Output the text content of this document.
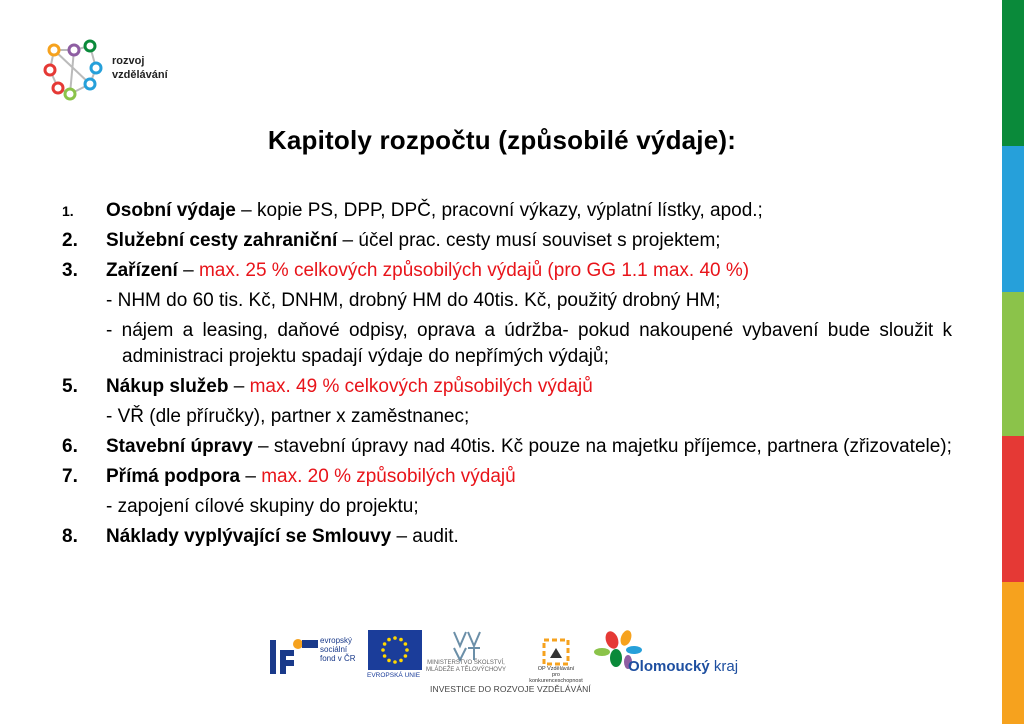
rozvoj
vzdělávání
Kapitoly rozpočtu (způsobilé výdaje):
1.	Osobní výdaje – kopie PS, DPP, DPČ, pracovní výkazy, výplatní lístky, apod.;
2.	Služební cesty zahraniční – účel prac. cesty musí souviset s projektem;
3.	Zařízení – max. 25 % celkových způsobilých výdajů (pro GG 1.1 max. 40 %)
- NHM do 60 tis. Kč, DNHM, drobný HM do 40tis. Kč, použitý drobný HM;
- nájem a leasing, daňové odpisy, oprava a údržba- pokud nakoupené vybavení bude sloužit k administraci projektu spadají výdaje do nepřímých výdajů;
5.	Nákup služeb – max. 49 % celkových způsobilých výdajů
- VŘ (dle příručky), partner x zaměstnanec;
6.	Stavební úpravy – stavební úpravy nad 40tis. Kč pouze na majetku příjemce, partnera (zřizovatele);
7.	Přímá podpora – max. 20 % způsobilých výdajů
- zapojení cílové skupiny do projektu;
8.	Náklady vyplývající se Smlouvy – audit.
evropský
sociální
fond v ČR
EVROPSKÁ UNIE
MINISTERSTVO ŠKOLSTVÍ,
MLÁDEŽE A TĚLOVÝCHOVY	OP Vzdělávání
pro konkurenceschopnost
Olomoucký kraj
INVESTICE DO ROZVOJE VZDĚLÁVÁNÍ
